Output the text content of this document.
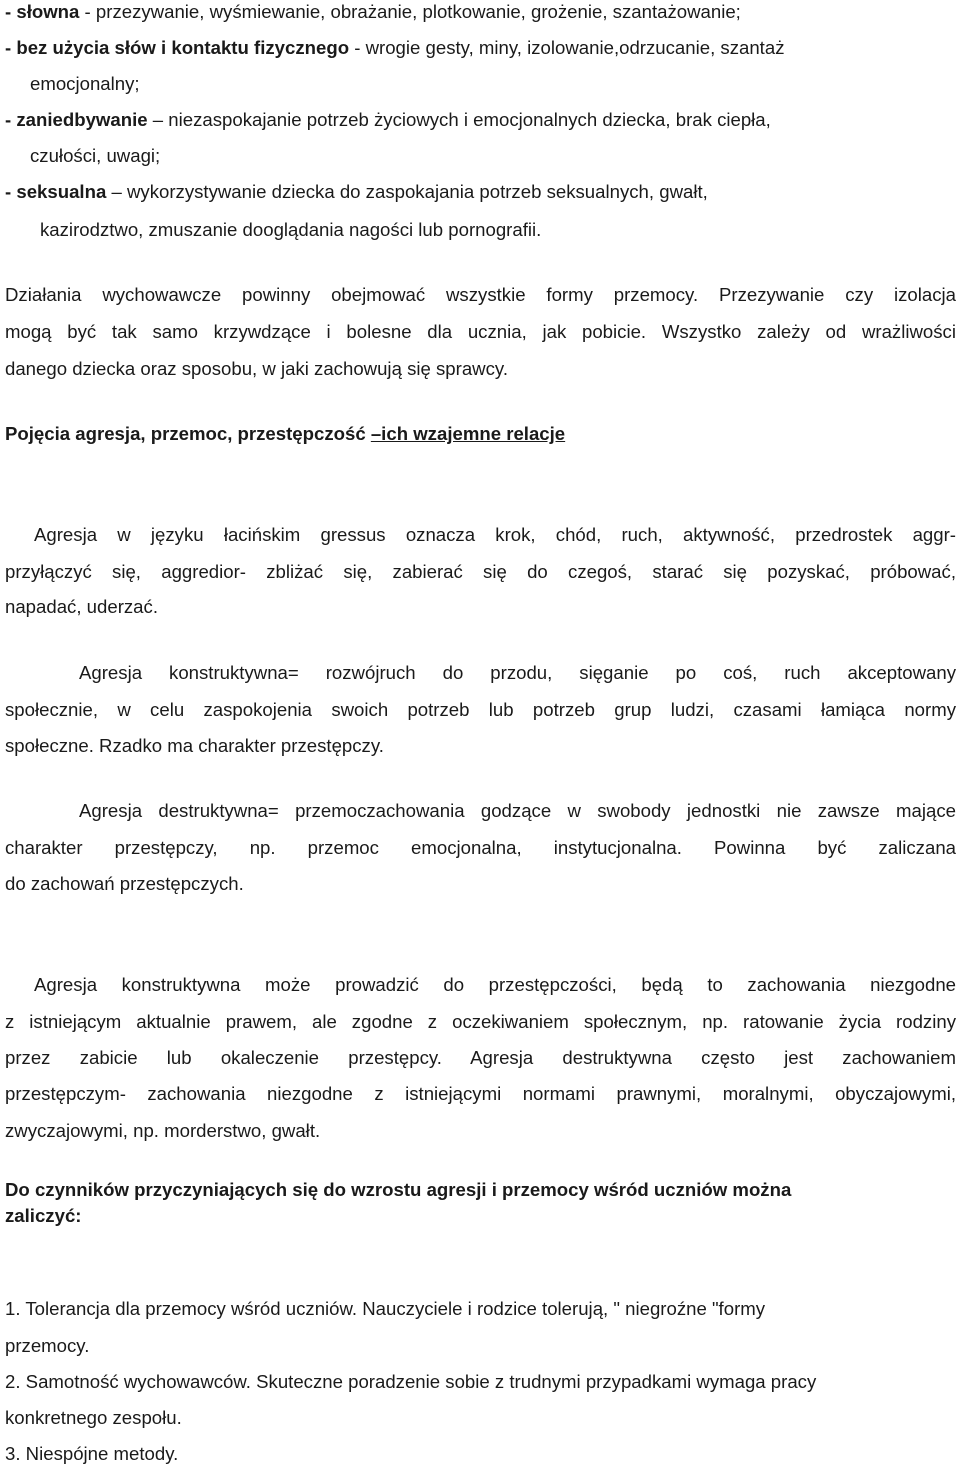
- słowna - przezywanie, wyśmiewanie, obrażanie, plotkowanie, grożenie, szantażowanie;
- bez użycia słów i kontaktu fizycznego - wrogie gesty, miny, izolowanie,odrzucanie, szantaż
emocjonalny;
- zaniedbywanie – niezaspokajanie potrzeb życiowych i emocjonalnych dziecka, brak ciepła,
czułości, uwagi;
- seksualna – wykorzystywanie dziecka do zaspokajania potrzeb seksualnych, gwałt,
kazirodztwo, zmuszanie dooglądania nagości lub pornografii.
Działania wychowawcze powinny obejmować wszystkie formy przemocy. Przezywanie czy izolacja
mogą być tak samo krzywdzące i bolesne dla ucznia, jak pobicie. Wszystko zależy od wrażliwości
danego dziecka oraz sposobu, w jaki zachowują się sprawcy.
Pojęcia agresja, przemoc, przestępczość –ich wzajemne relacje
Agresja w języku łacińskim gressus oznacza krok, chód, ruch, aktywność, przedrostek aggr-
przyłączyć się, aggredior- zbliżać się, zabierać się do czegoś, starać się pozyskać, próbować,
napadać, uderzać.
Agresja konstruktywna= rozwójruch do przodu, sięganie po coś, ruch akceptowany
społecznie, w celu zaspokojenia swoich potrzeb lub potrzeb grup ludzi, czasami łamiąca normy
społeczne. Rzadko ma charakter przestępczy.
Agresja destruktywna= przemoczachowania godzące w swobody jednostki nie zawsze mające
charakter przestępczy, np. przemoc emocjonalna, instytucjonalna. Powinna być zaliczana
do zachowań przestępczych.
Agresja konstruktywna może prowadzić do przestępczości, będą to zachowania niezgodne
z istniejącym aktualnie prawem, ale zgodne z oczekiwaniem społecznym, np. ratowanie życia rodziny
przez zabicie lub okaleczenie przestępcy. Agresja destruktywna często jest zachowaniem
przestępczym- zachowania niezgodne z istniejącymi normami prawnymi, moralnymi, obyczajowymi,
zwyczajowymi, np. morderstwo, gwałt.
Do czynników przyczyniających się do wzrostu agresji i przemocy wśród uczniów można
zaliczyć:
1. Tolerancja dla przemocy wśród uczniów. Nauczyciele i rodzice tolerują, " niegroźne "formy
przemocy.
2. Samotność wychowawców. Skuteczne poradzenie sobie z trudnymi przypadkami wymaga pracy
konkretnego zespołu.
3. Niespójne metody.
